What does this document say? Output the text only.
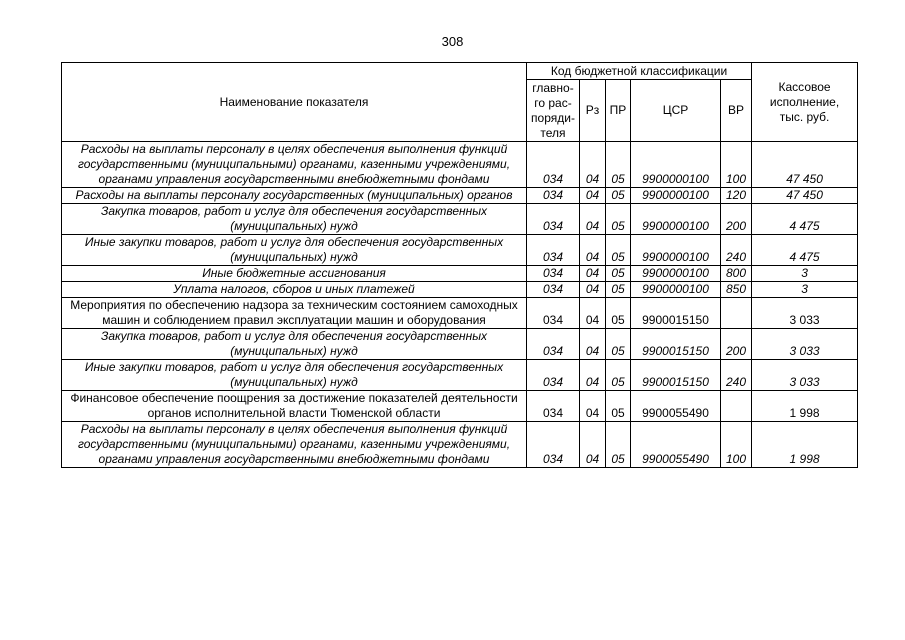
308
Наименование показателя	Код бюджетной классификации					Кассовое исполнение, тыс. руб.
	главно-го рас-поряди-теля	Рз	ПР	ЦСР	ВР	
Расходы на выплаты персоналу в целях обеспечения выполнения функций государственными (муниципальными) органами, казенными учреждениями, органами управления государственными внебюджетными фондами	034	04	05	9900000100	100	47 450
Расходы на выплаты персоналу государственных (муниципальных) органов	034	04	05	9900000100	120	47 450
Закупка товаров, работ и услуг для обеспечения государственных (муниципальных) нужд	034	04	05	9900000100	200	4 475
Иные закупки товаров, работ и услуг для обеспечения государственных (муниципальных) нужд	034	04	05	9900000100	240	4 475
Иные бюджетные ассигнования	034	04	05	9900000100	800	3
Уплата налогов, сборов и иных платежей	034	04	05	9900000100	850	3
Мероприятия по обеспечению надзора за техническим состоянием самоходных машин и соблюдением правил эксплуатации машин и оборудования	034	04	05	9900015150		3 033
Закупка товаров, работ и услуг для обеспечения государственных (муниципальных) нужд	034	04	05	9900015150	200	3 033
Иные закупки товаров, работ и услуг для обеспечения государственных (муниципальных) нужд	034	04	05	9900015150	240	3 033
Финансовое обеспечение поощрения за достижение показателей деятельности органов исполнительной власти Тюменской области	034	04	05	9900055490		1 998
Расходы на выплаты персоналу в целях обеспечения выполнения функций государственными (муниципальными) органами, казенными учреждениями, органами управления государственными внебюджетными фондами	034	04	05	9900055490	100	1 998
